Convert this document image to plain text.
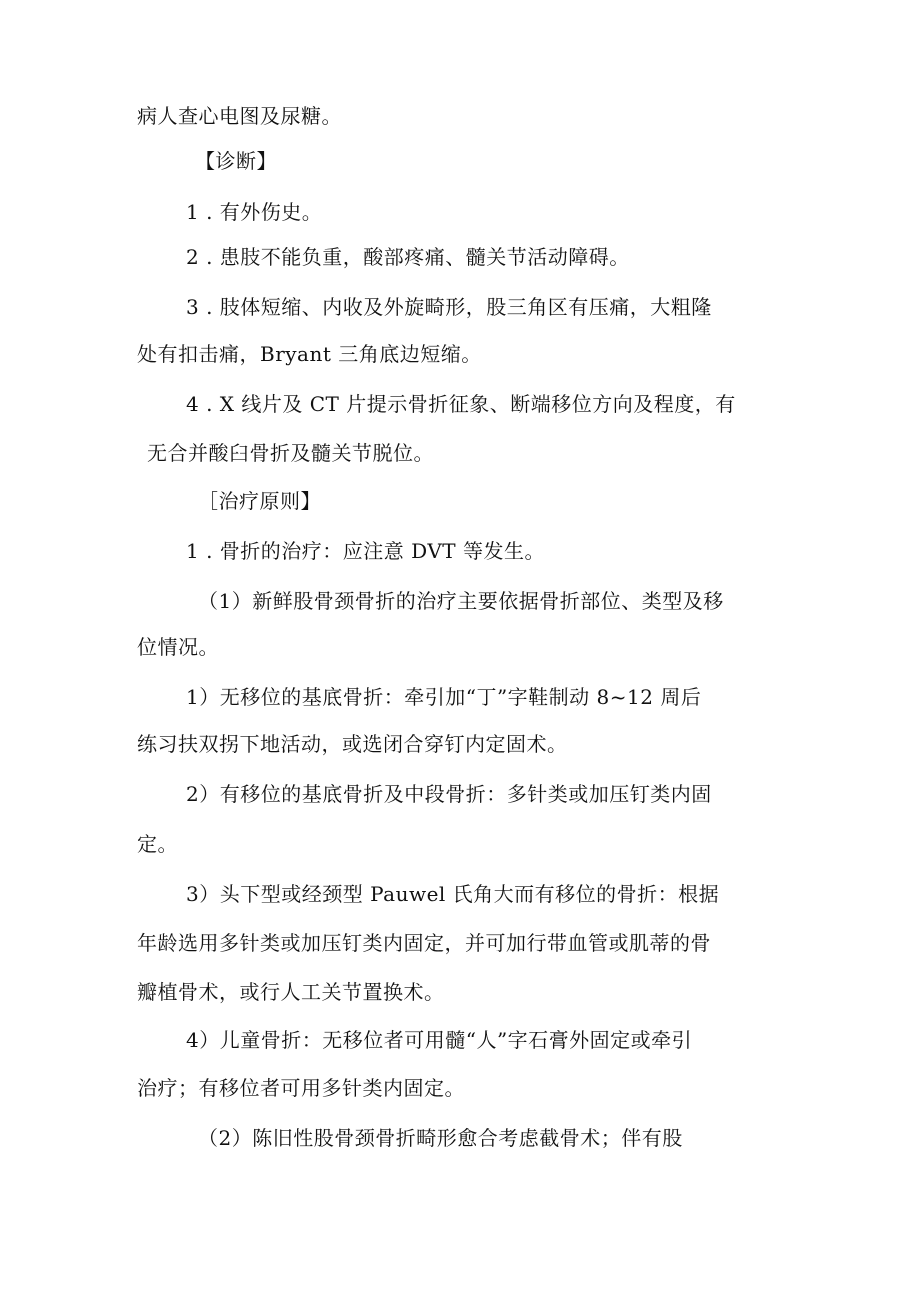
病人查心电图及尿糖。
【诊断】
1 . 有外伤史。
2 . 患肢不能负重，酸部疼痛、髓关节活动障碍。
3 . 肢体短缩、内收及外旋畸形，股三角区有压痛，大粗隆
处有扣击痛，Bryant 三角底边短缩。
4 . X 线片及 CT 片提示骨折征象、断端移位方向及程度，有
无合并酸臼骨折及髓关节脱位。
［治疗原则】
1 . 骨折的治疗：应注意 DVT 等发生。
（1）新鲜股骨颈骨折的治疗主要依据骨折部位、类型及移
位情况。
1）无移位的基底骨折：牵引加“丁”字鞋制动 8~12 周后
练习扶双拐下地活动，或选闭合穿钉内定固术。
2）有移位的基底骨折及中段骨折：多针类或加压钉类内固
定。
3）头下型或经颈型 Pauwel 氏角大而有移位的骨折：根据
年龄选用多针类或加压钉类内固定，并可加行带血管或肌蒂的骨
瓣植骨术，或行人工关节置换术。
4）儿童骨折：无移位者可用髓“人”字石膏外固定或牵引
治疗；有移位者可用多针类内固定。
（2）陈旧性股骨颈骨折畸形愈合考虑截骨术；伴有股
